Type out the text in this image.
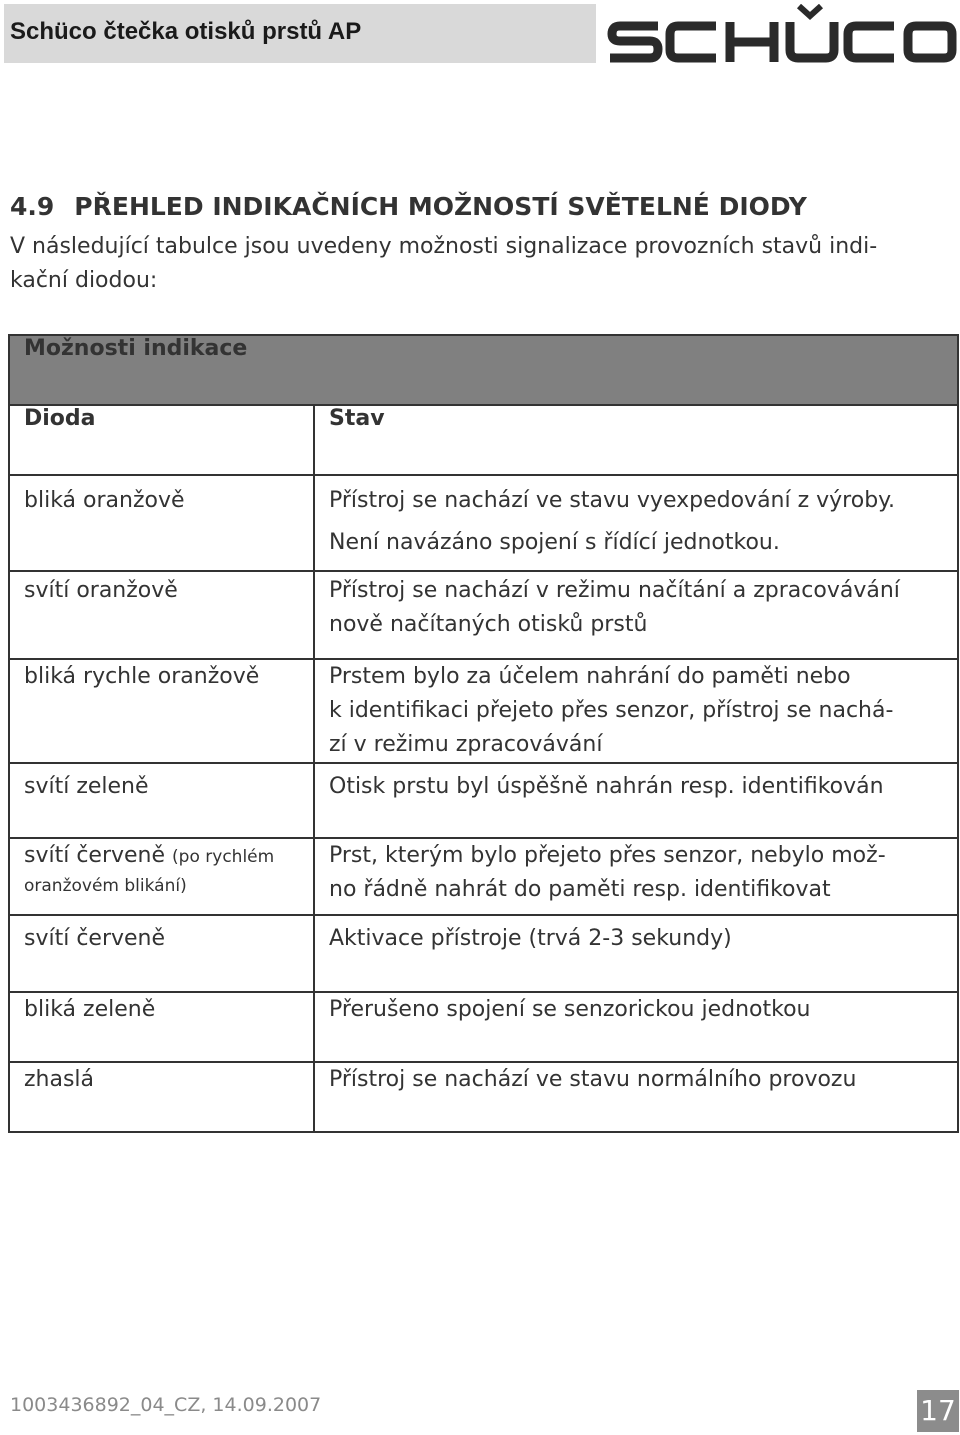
Schüco čtečka otisků prstů AP
SCHÜCO
4.9 PŘEHLED INDIKAČNÍCH MOŽNOSTÍ SVĚTELNÉ DIODY
V následující tabulce jsou uvedeny možnosti signalizace provozních stavů indi-
kační diodou:
Možnosti indikace	
Dioda	Stav

bliká oranžově	Přístroj se nachází ve stavu vyexpedování z výroby.
Není navázáno spojení s řídící jednotkou.

svítí oranžově	Přístroj se nachází v režimu načítání a zpracovávání
nově načítaných otisků prstů

bliká rychle oranžově	Prstem bylo za účelem nahrání do paměti nebo
k identifikaci přejeto přes senzor, přístroj se nachá-
zí v režimu zpracovávání

svítí zeleně	Otisk prstu byl úspěšně nahrán resp. identifikován

svítí červeně (po rychlém
oranžovém blikání)	Prst, kterým bylo přejeto přes senzor, nebylo mož-
no řádně nahrát do paměti resp. identifikovat

svítí červeně	Aktivace přístroje (trvá 2-3 sekundy)

bliká zeleně	Přerušeno spojení se senzorickou jednotkou

zhaslá	Přístroj se nachází ve stavu normálního provozu
1003436892_04_CZ, 14.09.2007	17
